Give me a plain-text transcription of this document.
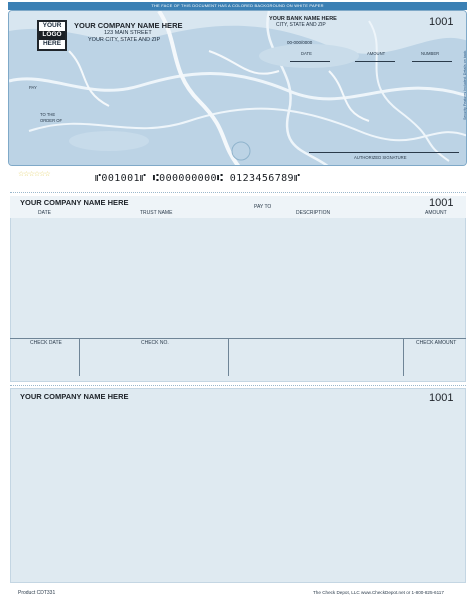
THE FACE OF THIS DOCUMENT HAS A COLORED BACKGROUND ON WHITE PAPER
YOUR
LOGO
HERE
YOUR COMPANY NAME HERE
123 MAIN STREET
YOUR CITY, STATE AND ZIP
YOUR BANK NAME HERE
CITY, STATE AND ZIP
00-000/0000
1001
DATE	AMOUNT	NUMBER
PAY
TO THE
ORDER OF
AUTHORIZED SIGNATURE
Security Features Included. Details on back.
☆☆☆☆☆☆	⑈001001⑈ ⑆000000000⑆ 0123456789⑈
YOUR COMPANY NAME HERE	PAY TO	1001
DATE	TRUST NAME	DESCRIPTION	AMOUNT
CHECK DATE	CHECK NO.	CHECK AMOUNT
YOUR COMPANY NAME HERE	1001
Product CDT331	The Check Depot, LLC www.CheckDepot.net or 1-800-825-6117
